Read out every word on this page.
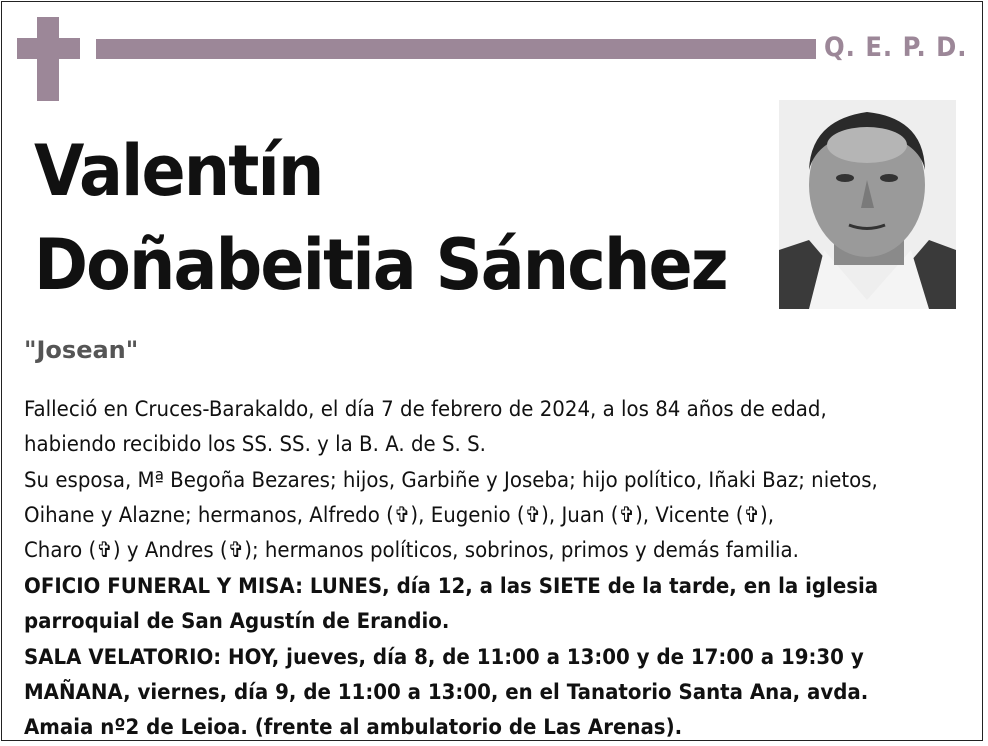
Q. E. P. D.
Valentín
Doñabeitia Sánchez
"Josean"

Falleció en Cruces-Barakaldo, el día 7 de febrero de 2024, a los 84 años de edad,
habiendo recibido los SS. SS. y la B. A. de S. S.

Su esposa, Mª Begoña Bezares; hijos, Garbiñe y Joseba; hijo político, Iñaki Baz; nietos,
Oihane y Alazne; hermanos, Alfredo (✞), Eugenio (✞), Juan (✞), Vicente (✞),
Charo (✞) y Andres (✞); hermanos políticos, sobrinos, primos y demás familia.

OFICIO FUNERAL Y MISA: LUNES, día 12, a las SIETE de la tarde, en la iglesia
parroquial de San Agustín de Erandio.

SALA VELATORIO: HOY, jueves, día 8, de 11:00 a 13:00 y de 17:00 a 19:30 y
MAÑANA, viernes, día 9, de 11:00 a 13:00, en el Tanatorio Santa Ana, avda.
Amaia nº2 de Leioa. (frente al ambulatorio de Las Arenas).
